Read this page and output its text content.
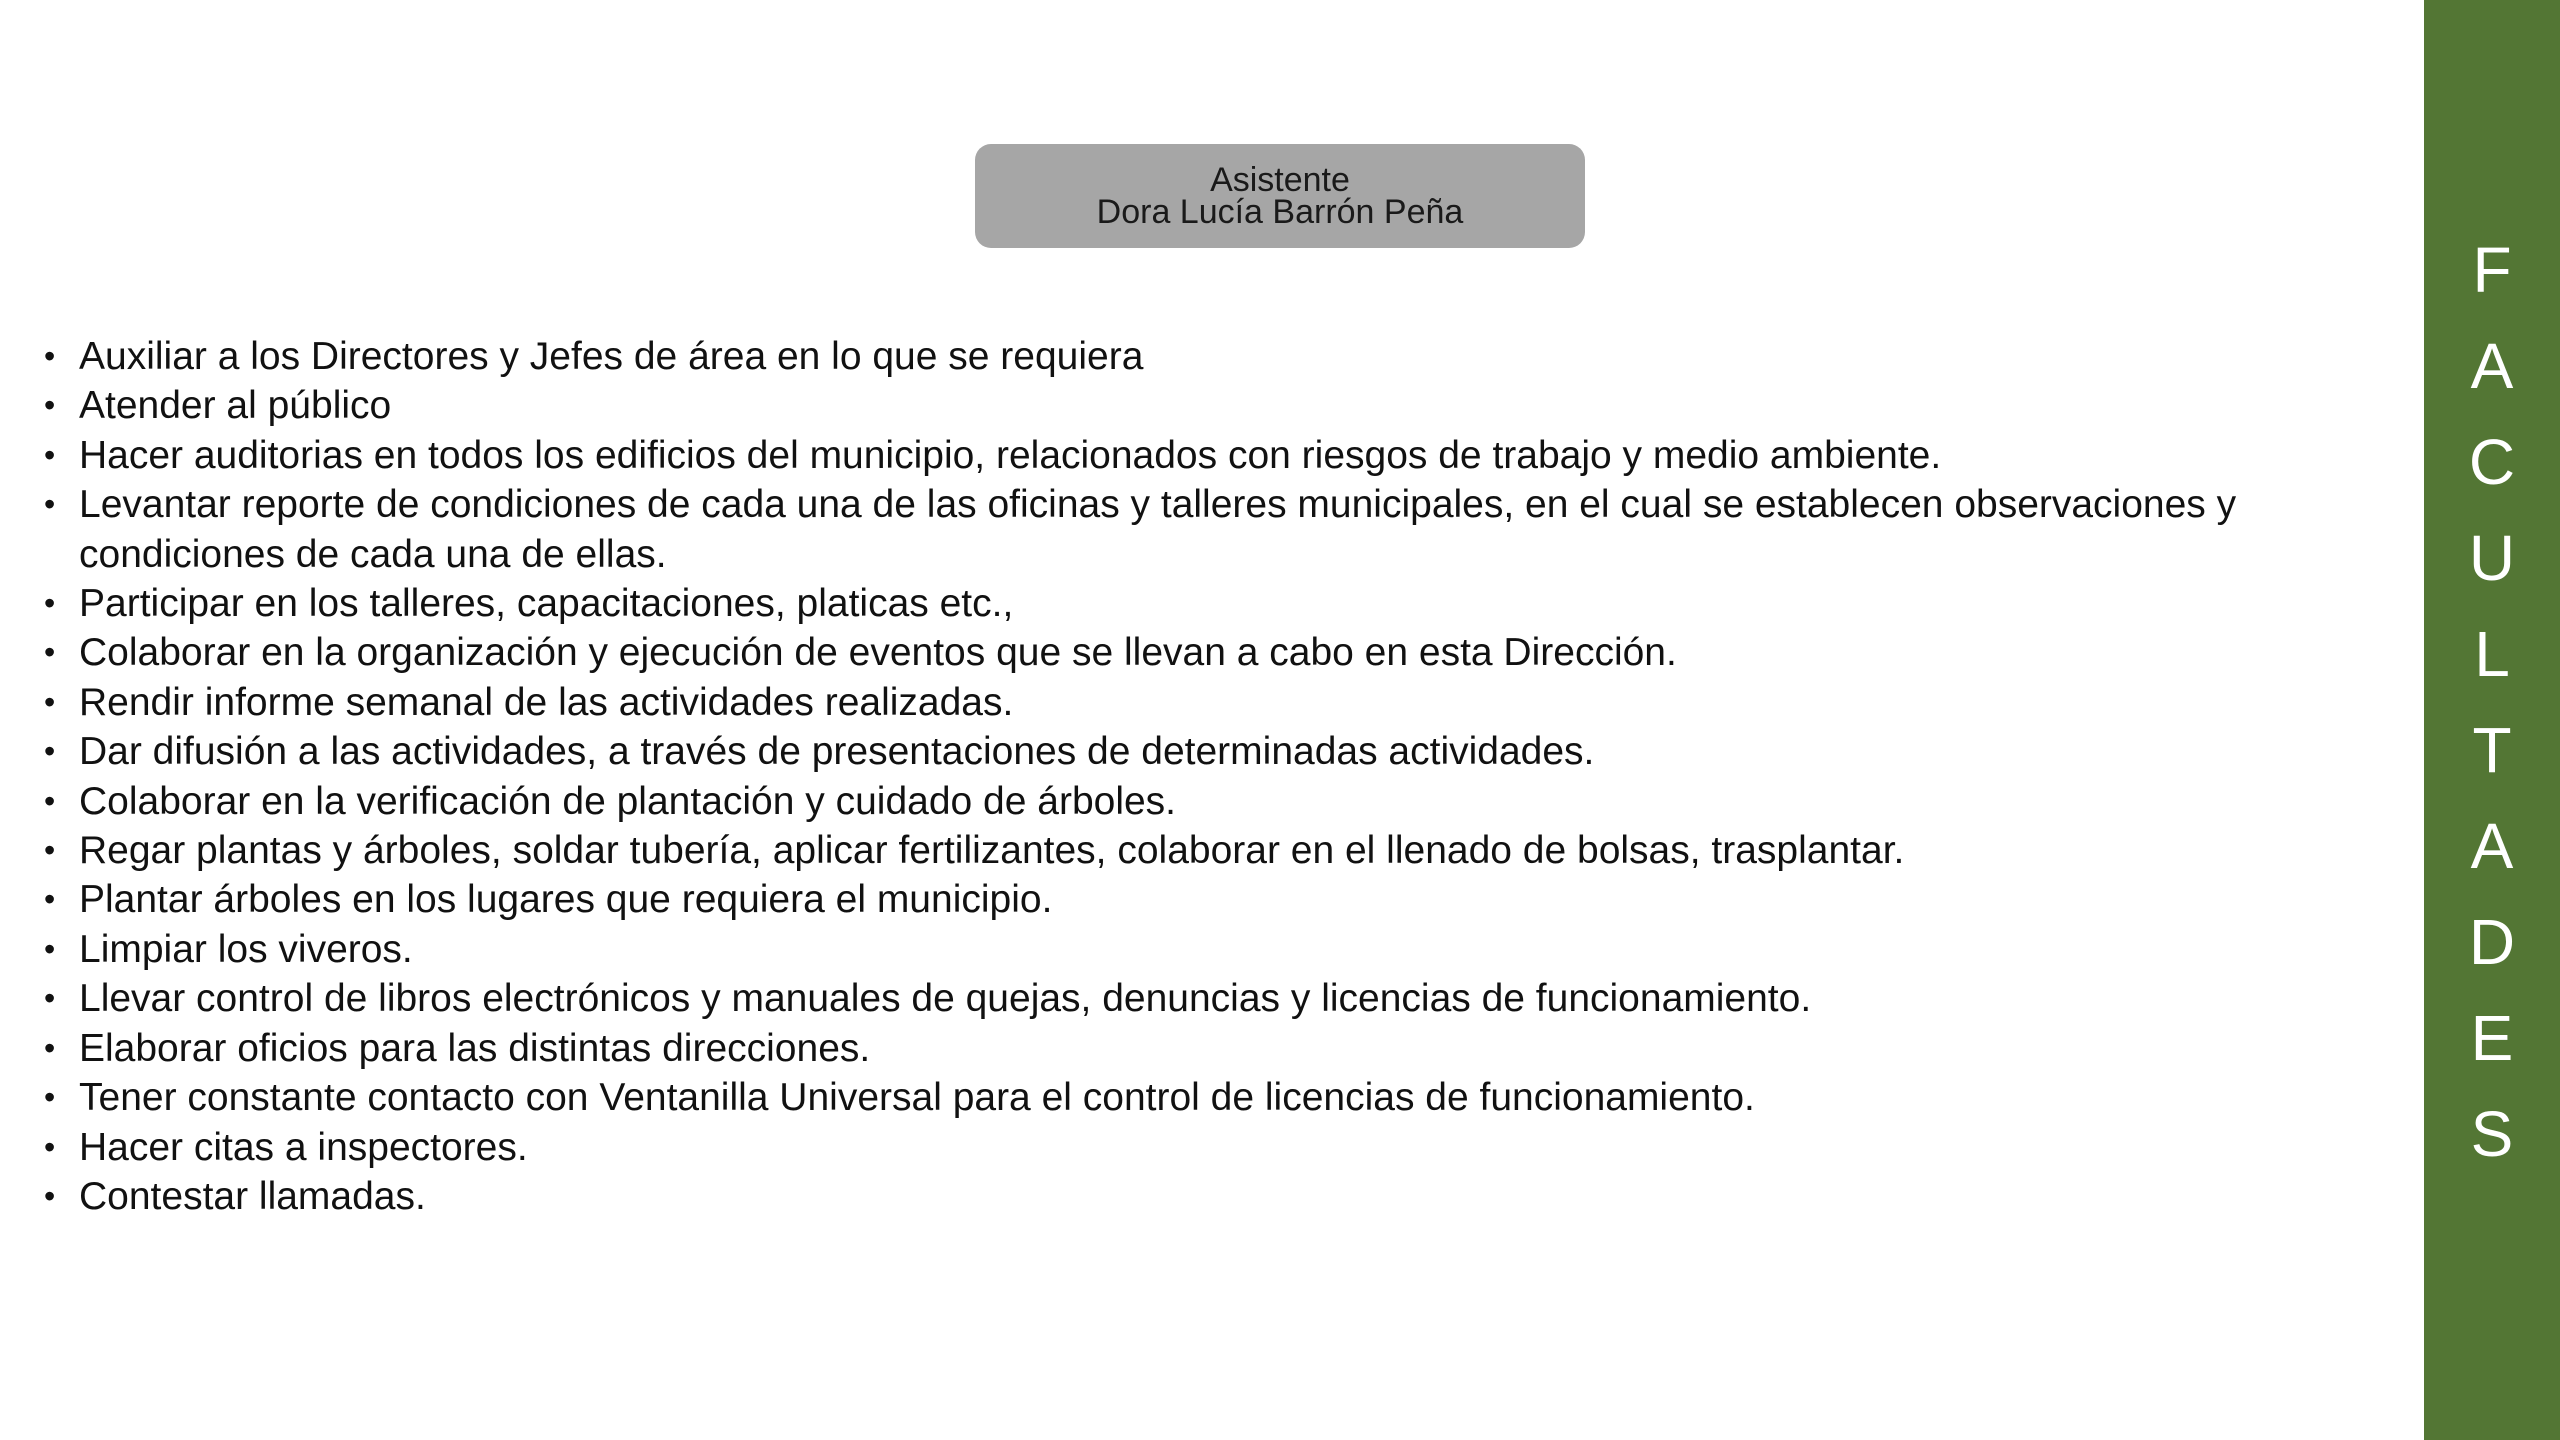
Asistente
Dora Lucía Barrón Peña
• Auxiliar a los Directores y Jefes de área en lo que se requiera
• Atender al público
• Hacer auditorias en todos los edificios del municipio, relacionados con riesgos de trabajo y medio ambiente.
• Levantar reporte de condiciones de cada una de las oficinas y talleres municipales, en el cual se establecen observaciones y condiciones de cada una de ellas.
• Participar en los talleres, capacitaciones, platicas etc.,
• Colaborar en la organización y ejecución de eventos que se llevan a cabo en esta Dirección.
• Rendir informe semanal de las actividades realizadas.
• Dar difusión a las actividades, a través de presentaciones de determinadas actividades.
• Colaborar en la verificación de plantación y cuidado de árboles.
• Regar plantas y árboles, soldar tubería, aplicar fertilizantes, colaborar en el llenado de bolsas, trasplantar.
• Plantar árboles en los lugares que requiera el municipio.
• Limpiar los viveros.
• Llevar control de libros electrónicos y manuales de quejas, denuncias y licencias de funcionamiento.
• Elaborar oficios para las distintas direcciones.
• Tener constante contacto con Ventanilla Universal para el control de licencias de funcionamiento.
• Hacer citas a inspectores.
• Contestar llamadas.
F
A
C
U
L
T
A
D
E
S
